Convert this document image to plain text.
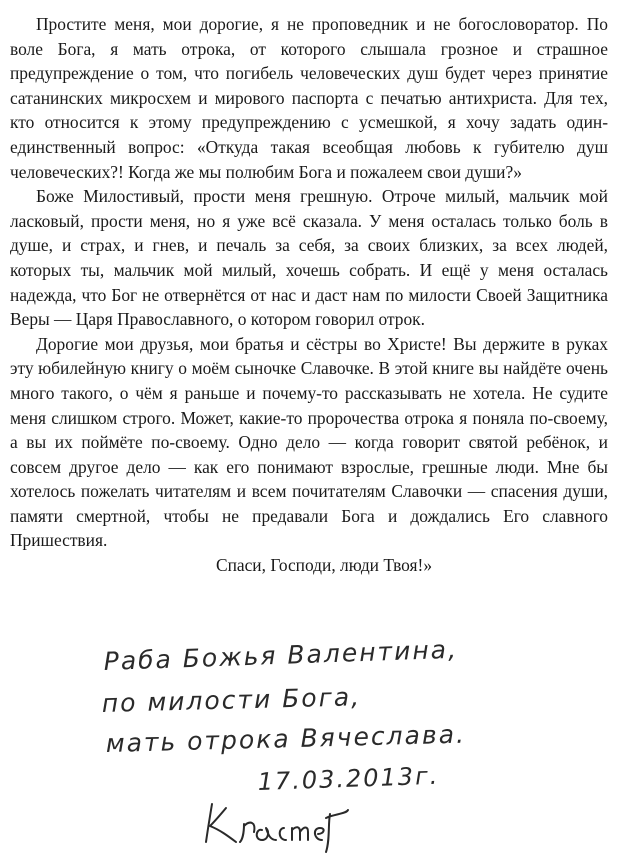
Простите меня, мои дорогие, я не проповедник и не богословоратор. По воле Бога, я мать отрока, от которого слышала грозное и страшное предупреждение о том, что погибель человеческих душ будет через принятие сатанинских микросхем и мирового паспорта с печатью антихриста. Для тех, кто относится к этому предупреждению с усмешкой, я хочу задать один-единственный вопрос: «Откуда такая всеобщая любовь к губителю душ человеческих?! Когда же мы полюбим Бога и пожалеем свои души?»

Боже Милостивый, прости меня грешную. Отроче милый, мальчик мой ласковый, прости меня, но я уже всё сказала. У меня осталась только боль в душе, и страх, и гнев, и печаль за себя, за своих близких, за всех людей, которых ты, мальчик мой милый, хочешь собрать. И ещё у меня осталась надежда, что Бог не отвернётся от нас и даст нам по милости Своей Защитника Веры — Царя Православного, о котором говорил отрок.

Дорогие мои друзья, мои братья и сёстры во Христе! Вы держите в руках эту юбилейную книгу о моём сыночке Славочке. В этой книге вы найдёте очень много такого, о чём я раньше и почему-то рассказывать не хотела. Не судите меня слишком строго. Может, какие-то пророчества отрока я поняла по-своему, а вы их поймёте по-своему. Одно дело — когда говорит святой ребёнок, и совсем другое дело — как его понимают взрослые, грешные люди. Мне бы хотелось пожелать читателям и всем почитателям Славочки — спасения души, памяти смертной, чтобы не предавали Бога и дождались Его славного Пришествия.

Спаси, Господи, люди Твоя!»

Раба Божья Валентина,
по милости Бога,
мать отрока Вячеслава.
17.03.2013г.
